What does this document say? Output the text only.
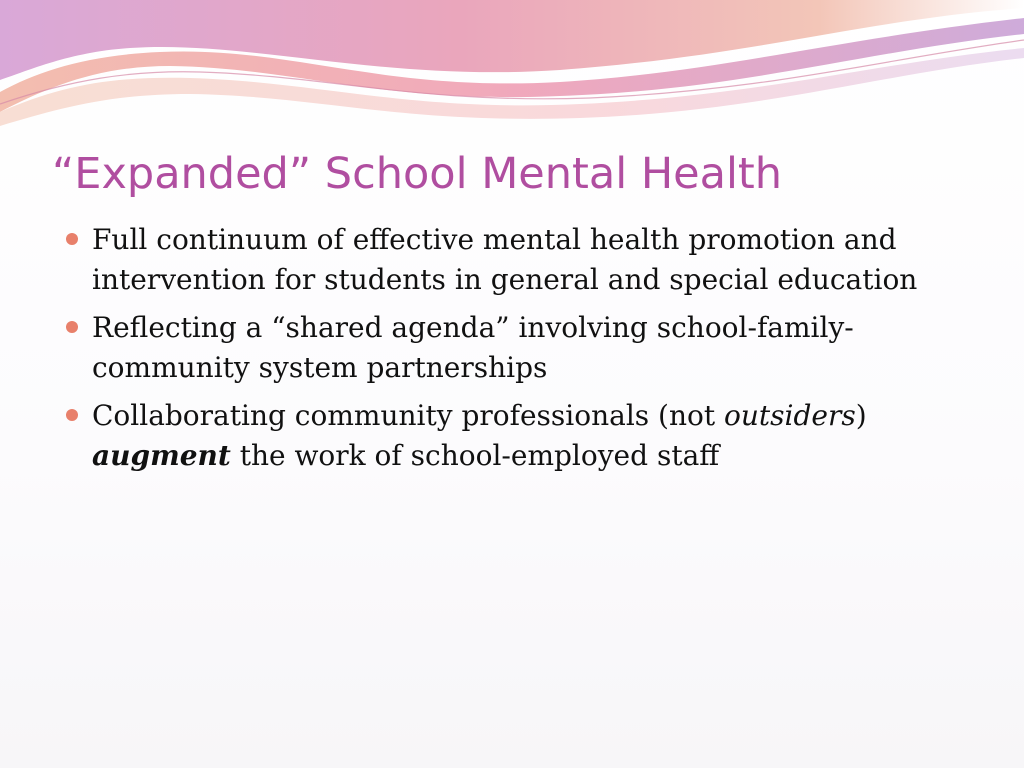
“Expanded” School Mental Health
Full continuum of effective mental health promotion and intervention for students in general and special education
Reflecting a “shared agenda” involving school-family-community system partnerships
Collaborating community professionals (not outsiders) augment the work of school-employed staff
